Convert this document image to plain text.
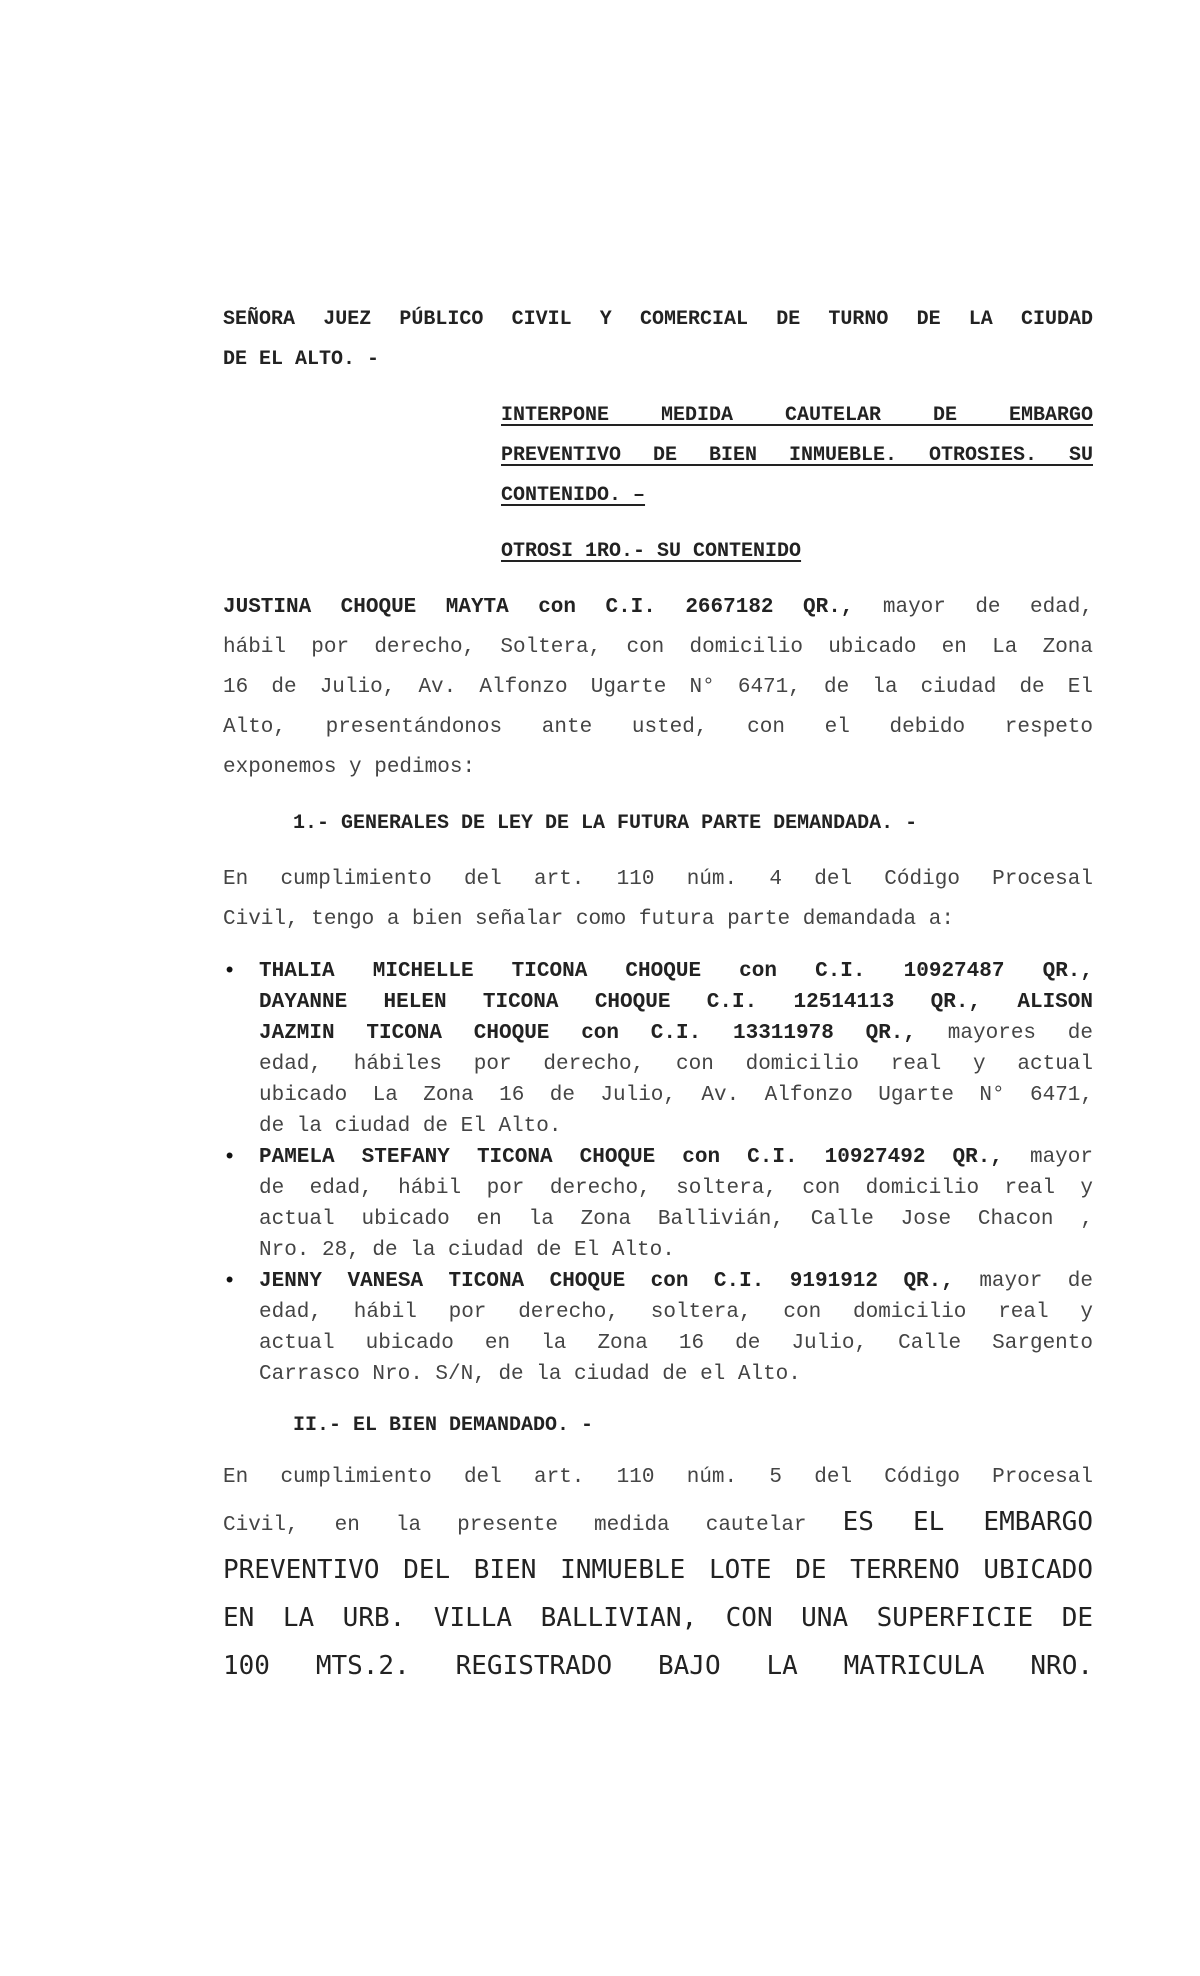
SEÑORA JUEZ PÚBLICO CIVIL Y COMERCIAL DE TURNO DE LA CIUDAD
DE EL ALTO. -

INTERPONE MEDIDA CAUTELAR DE EMBARGO
PREVENTIVO DE BIEN INMUEBLE. OTROSIES. SU
CONTENIDO. –
OTROSI 1RO.- SU CONTENIDO
JUSTINA CHOQUE MAYTA con C.I. 2667182 QR., mayor de edad,
hábil por derecho, Soltera, con domicilio ubicado en La Zona
16 de Julio, Av. Alfonzo Ugarte N° 6471, de la ciudad de El
Alto, presentándonos ante usted, con el debido respeto
exponemos y pedimos:
1.- GENERALES DE LEY DE LA FUTURA PARTE DEMANDADA. -
En cumplimiento del art. 110 núm. 4 del Código Procesal
Civil, tengo a bien señalar como futura parte demandada a:
• THALIA MICHELLE TICONA CHOQUE con C.I. 10927487 QR.,
DAYANNE HELEN TICONA CHOQUE C.I. 12514113 QR., ALISON
JAZMIN TICONA CHOQUE con C.I. 13311978 QR., mayores de
edad, hábiles por derecho, con domicilio real y actual
ubicado La Zona 16 de Julio, Av. Alfonzo Ugarte N° 6471,
de la ciudad de El Alto.
• PAMELA STEFANY TICONA CHOQUE con C.I. 10927492 QR., mayor
de edad, hábil por derecho, soltera, con domicilio real y
actual ubicado en la Zona Ballivián, Calle Jose Chacon ,
Nro. 28, de la ciudad de El Alto.
• JENNY VANESA TICONA CHOQUE con C.I. 9191912 QR., mayor de
edad, hábil por derecho, soltera, con domicilio real y
actual ubicado en la Zona 16 de Julio, Calle Sargento
Carrasco Nro. S/N, de la ciudad de el Alto.
II.- EL BIEN DEMANDADO. -
En cumplimiento del art. 110 núm. 5 del Código Procesal
Civil, en la presente medida cautelar ES EL EMBARGO
PREVENTIVO DEL BIEN INMUEBLE LOTE DE TERRENO UBICADO
EN LA URB. VILLA BALLIVIAN, CON UNA SUPERFICIE DE
100 MTS.2. REGISTRADO BAJO LA MATRICULA NRO.
